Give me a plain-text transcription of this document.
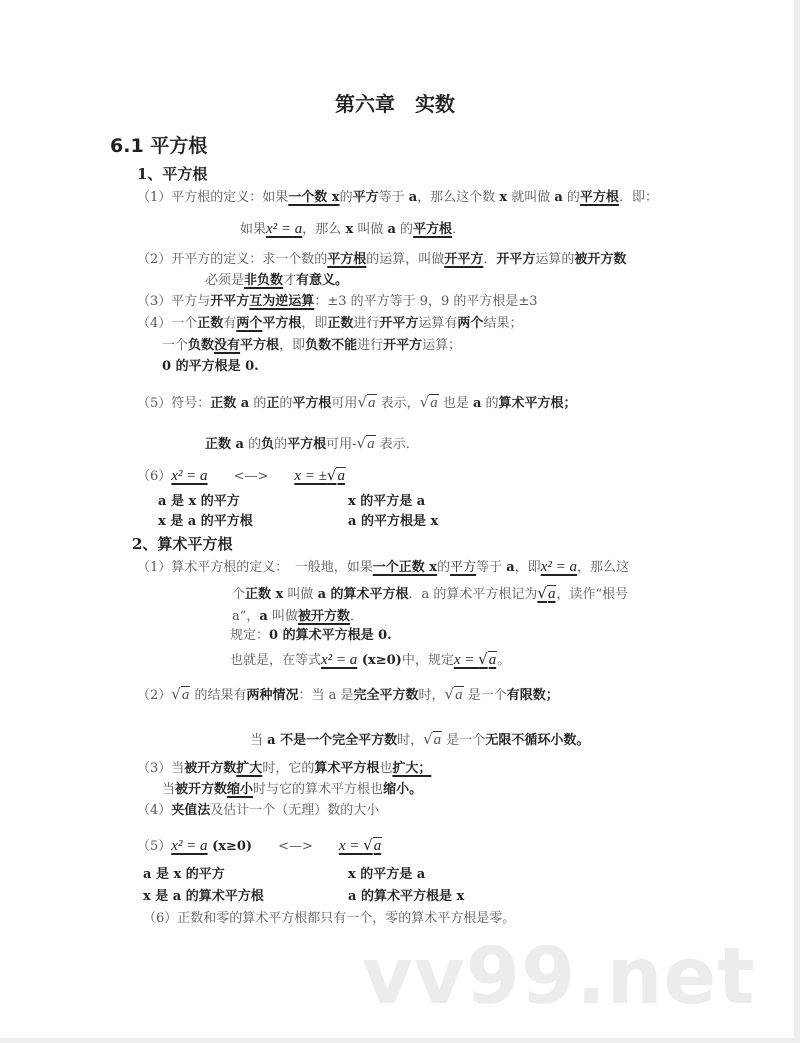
第六章　实数
6.1 平方根
1、平方根
（1）平方根的定义：如果一个数 x的平方等于 a，那么这个数 x 就叫做 a 的平方根．即：
如果x² = a，那么 x 叫做 a 的平方根．
（2）开平方的定义：求一个数的平方根的运算，叫做开平方．开平方运算的被开方数
必须是非负数才有意义。
（3）平方与开平方互为逆运算：±3 的平方等于 9，9 的平方根是±3
（4）一个正数有两个平方根，即正数进行开平方运算有两个结果；
一个负数没有平方根，即负数不能进行开平方运算；
0 的平方根是 0.
（5）符号：正数 a 的正的平方根可用√a 表示，√a 也是 a 的算术平方根；
正数 a 的负的平方根可用-√a 表示．
（6）x² = a　　<—>　　x = ±√a
a 是 x 的平方	x 的平方是 a
x 是 a 的平方根	a 的平方根是 x
2、算术平方根
（1）算术平方根的定义：　一般地，如果一个正数 x的平方等于 a，即x² = a，那么这
个正数 x 叫做 a 的算术平方根．a 的算术平方根记为√a，读作“根号
a”，a 叫做被开方数．
规定：0 的算术平方根是 0.
也就是，在等式x² = a (x≥0)中，规定x = √a。
（2）√a 的结果有两种情况：当 a 是完全平方数时，√a 是一个有限数；
当 a 不是一个完全平方数时，√a 是一个无限不循环小数。
（3）当被开方数扩大时，它的算术平方根也扩大；
当被开方数缩小时与它的算术平方根也缩小。
（4）夹值法及估计一个（无理）数的大小
（5）x² = a (x≥0)　　<—>　　x = √a
a 是 x 的平方	x 的平方是 a
x 是 a 的算术平方根	a 的算术平方根是 x
（6）正数和零的算术平方根都只有一个，零的算术平方根是零。
vv99.net
